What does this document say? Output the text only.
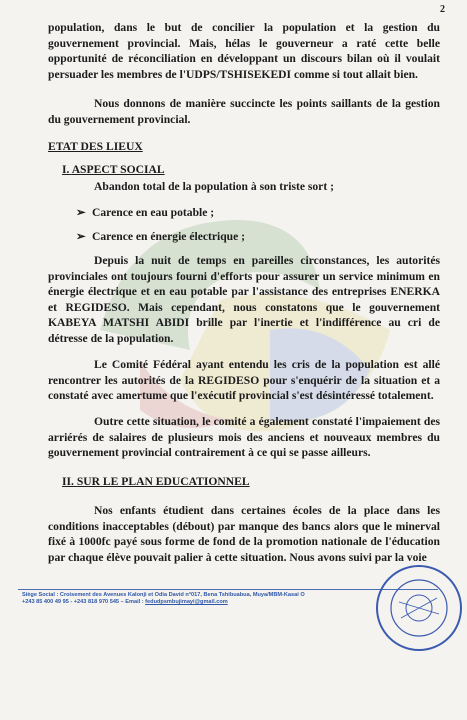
2

population, dans le but de concilier la population et la gestion du gouvernement provincial. Mais, hélas le gouverneur a raté cette belle opportunité de réconciliation en développant un discours bilan où il voulait persuader les membres de l'UDPS/TSHISEKEDI comme si tout allait bien.

Nous donnons de manière succincte les points saillants de la gestion du gouvernement provincial.

ETAT DES LIEUX
I. ASPECT SOCIAL
Abandon total de la population à son triste sort ;
➢ Carence en eau potable ;
➢ Carence en énergie électrique ;

Depuis la nuit de temps en pareilles circonstances, les autorités provinciales ont toujours fourni d'efforts pour assurer un service minimum en énergie électrique et en eau potable par l'assistance des entreprises ENERKA et REGIDESO. Mais cependant, nous constatons que le gouvernement KABEYA MATSHI ABIDI brille par l'inertie et l'indifférence au cri de détresse de la population.

Le Comité Fédéral ayant entendu les cris de la population est allé rencontrer les autorités de la REGIDESO pour s'enquérir de la situation et a constaté avec amertume que l'exécutif provincial s'est désintéressé totalement.

Outre cette situation, le comité a également constaté l'impaiement des arriérés de salaires de plusieurs mois des anciens et nouveaux membres du gouvernement provincial contrairement à ce qui se passe ailleurs.

II. SUR LE PLAN EDUCATIONNEL

Nos enfants étudient dans certaines écoles de la place dans les conditions inacceptables (débout) par manque des bancs alors que le minerval fixé à 1000fc payé sous forme de fond de la promotion nationale de l'éducation par chaque élève pouvait palier à cette situation. Nous avons suivi par la voie

Siège Social : Croisement des Avenues Kalonji et Odia David n°017, Bena Tshibuabua, Muya/MBM-Kasai O
+243 85 400 49 95 - +243 818 970 545 – Email : fedudpsmbujimayi@gmail.com
